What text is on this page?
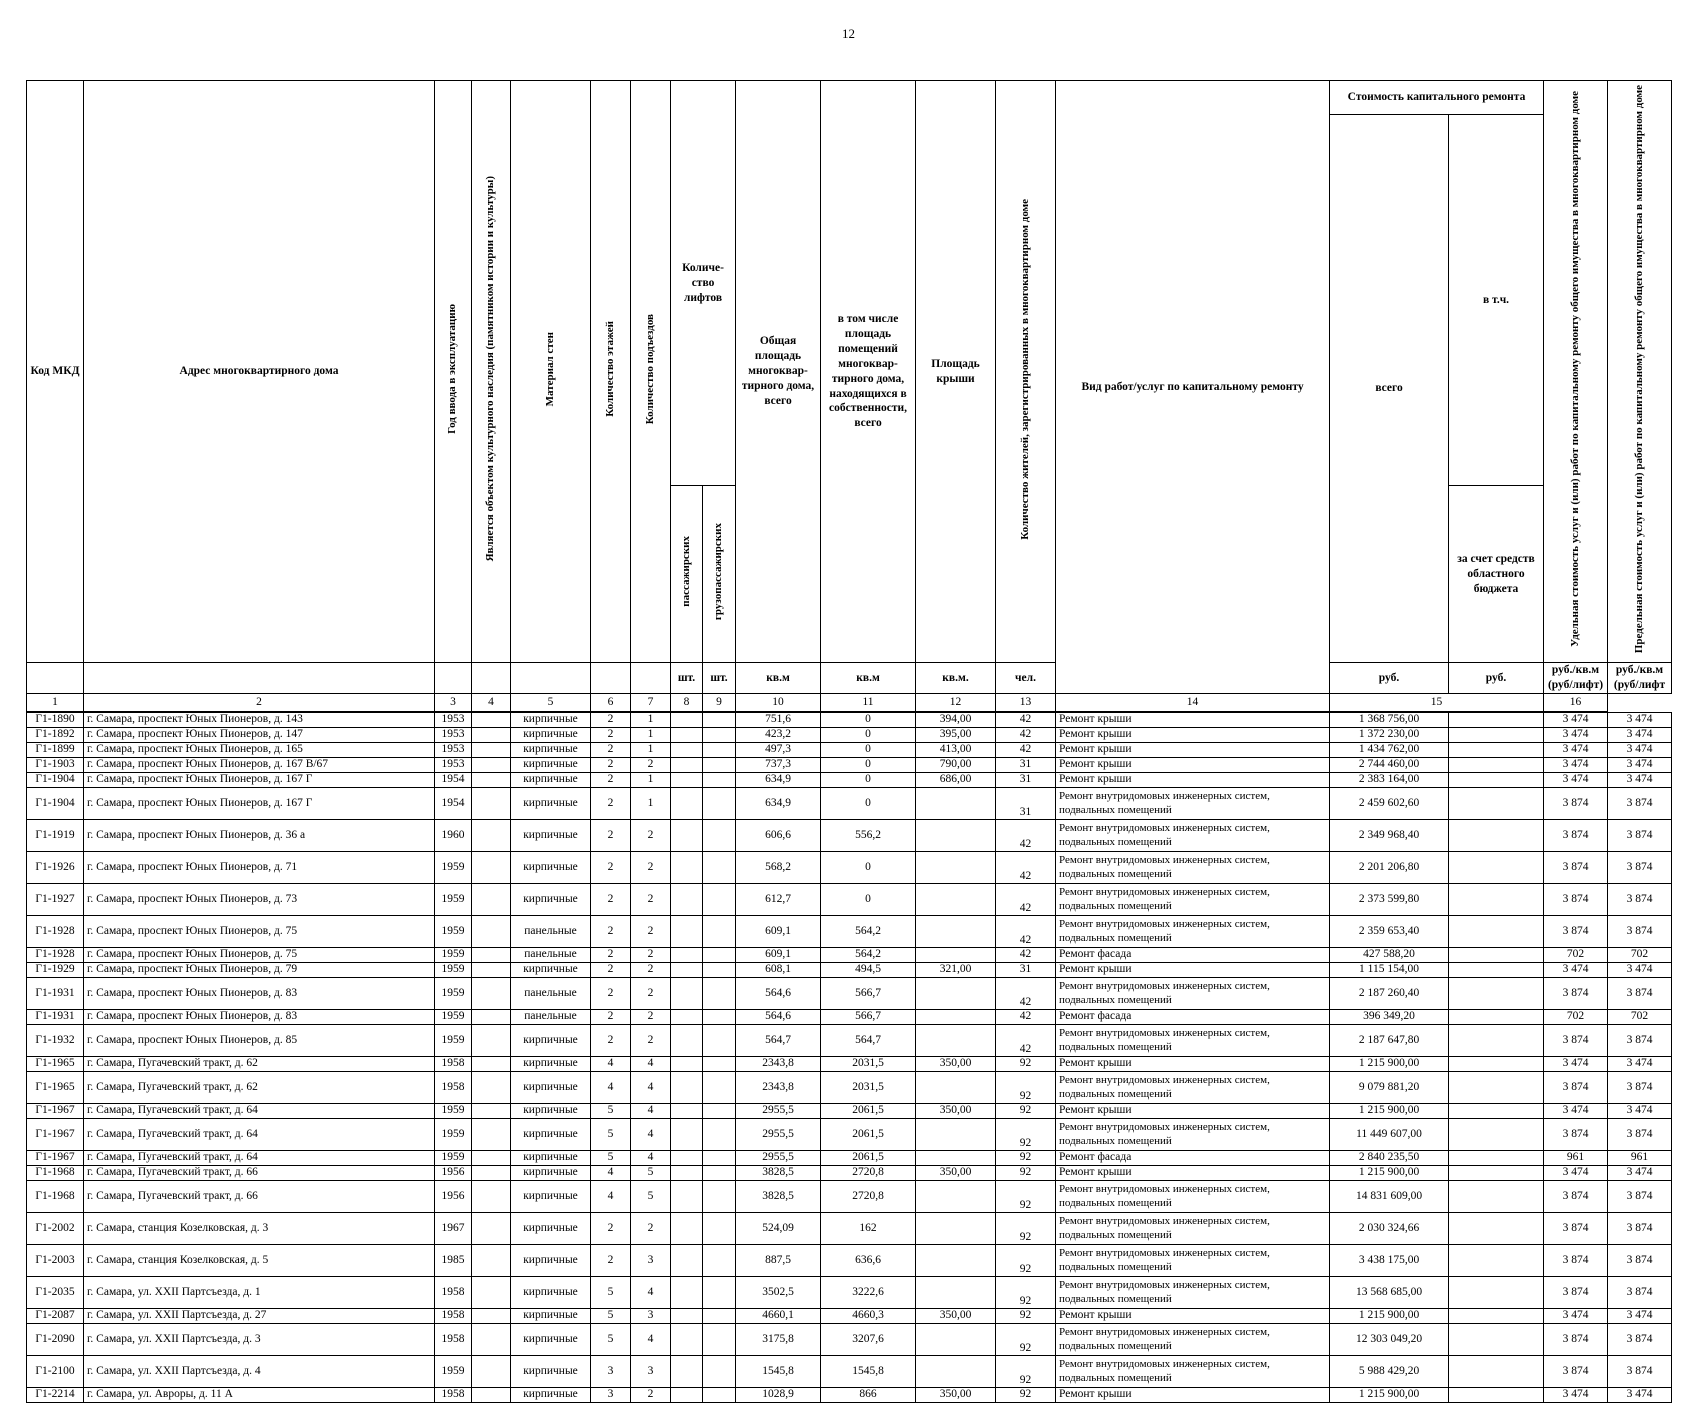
12
Код МКД	Адрес многоквартирного дома	Год ввода в эксплуатацию	Является объектом культурного наследия (памятником истории и культуры)	Материал стен	Количество этажей	Количество подъездов	Количе- ство лифтов		Общая площадь многоквар- тирного дома, всего	в том числе площадь помещений многоквар- тирного дома, находящихся в собственности, всего	Площадь крыши	Количество жителей, зарегистрированных в многоквартирном доме	Вид работ/услуг по капитальному ремонту	Стоимость капитального ремонта		Удельная стоимость услуг и (или) работ по капитальному ремонту общего имущества в многоквартирном доме	Предельная стоимость услуг и (или) работ по капитальному ремонту общего имущества в многоквартирном доме
														всего	в т.ч.		
							пассажирских	грузопассажирских							за счет средств областного бюджета		
							шт.	шт.	кв.м	кв.м	кв.м.	чел.		руб.	руб.	руб./кв.м (руб/лифт)	руб./кв.м (руб/лифт
1	2	3	4	5	6	7	8	9	10	11	12	13	14	15		16	
Г1-1890	г. Самара, проспект Юных Пионеров, д. 143	1953		кирпичные	2	1			751,6	0	394,00	42	Ремонт крыши	1 368 756,00		3 474	3 474
Г1-1892	г. Самара, проспект Юных Пионеров, д. 147	1953		кирпичные	2	1			423,2	0	395,00	42	Ремонт крыши	1 372 230,00		3 474	3 474
Г1-1899	г. Самара, проспект Юных Пионеров, д. 165	1953		кирпичные	2	1			497,3	0	413,00	42	Ремонт крыши	1 434 762,00		3 474	3 474
Г1-1903	г. Самара, проспект Юных Пионеров, д. 167 В/67	1953		кирпичные	2	2			737,3	0	790,00	31	Ремонт крыши	2 744 460,00		3 474	3 474
Г1-1904	г. Самара, проспект Юных Пионеров, д. 167 Г	1954		кирпичные	2	1			634,9	0	686,00	31	Ремонт крыши	2 383 164,00		3 474	3 474
Г1-1904	г. Самара, проспект Юных Пионеров, д. 167 Г	1954		кирпичные	2	1			634,9	0		31	Ремонт внутридомовых инженерных систем, подвальных помещений	2 459 602,60		3 874	3 874
Г1-1919	г. Самара, проспект Юных Пионеров, д. 36 а	1960		кирпичные	2	2			606,6	556,2		42	Ремонт внутридомовых инженерных систем, подвальных помещений	2 349 968,40		3 874	3 874
Г1-1926	г. Самара, проспект Юных Пионеров, д. 71	1959		кирпичные	2	2			568,2	0		42	Ремонт внутридомовых инженерных систем, подвальных помещений	2 201 206,80		3 874	3 874
Г1-1927	г. Самара, проспект Юных Пионеров, д. 73	1959		кирпичные	2	2			612,7	0		42	Ремонт внутридомовых инженерных систем, подвальных помещений	2 373 599,80		3 874	3 874
Г1-1928	г. Самара, проспект Юных Пионеров, д. 75	1959		панельные	2	2			609,1	564,2		42	Ремонт внутридомовых инженерных систем, подвальных помещений	2 359 653,40		3 874	3 874
Г1-1928	г. Самара, проспект Юных Пионеров, д. 75	1959		панельные	2	2			609,1	564,2		42	Ремонт фасада	427 588,20		702	702
Г1-1929	г. Самара, проспект Юных Пионеров, д. 79	1959		кирпичные	2	2			608,1	494,5	321,00	31	Ремонт крыши	1 115 154,00		3 474	3 474
Г1-1931	г. Самара, проспект Юных Пионеров, д. 83	1959		панельные	2	2			564,6	566,7		42	Ремонт внутридомовых инженерных систем, подвальных помещений	2 187 260,40		3 874	3 874
Г1-1931	г. Самара, проспект Юных Пионеров, д. 83	1959		панельные	2	2			564,6	566,7		42	Ремонт фасада	396 349,20		702	702
Г1-1932	г. Самара, проспект Юных Пионеров, д. 85	1959		кирпичные	2	2			564,7	564,7		42	Ремонт внутридомовых инженерных систем, подвальных помещений	2 187 647,80		3 874	3 874
Г1-1965	г. Самара, Пугачевский тракт, д. 62	1958		кирпичные	4	4			2343,8	2031,5	350,00	92	Ремонт крыши	1 215 900,00		3 474	3 474
Г1-1965	г. Самара, Пугачевский тракт, д. 62	1958		кирпичные	4	4			2343,8	2031,5		92	Ремонт внутридомовых инженерных систем, подвальных помещений	9 079 881,20		3 874	3 874
Г1-1967	г. Самара, Пугачевский тракт, д. 64	1959		кирпичные	5	4			2955,5	2061,5	350,00	92	Ремонт крыши	1 215 900,00		3 474	3 474
Г1-1967	г. Самара, Пугачевский тракт, д. 64	1959		кирпичные	5	4			2955,5	2061,5		92	Ремонт внутридомовых инженерных систем, подвальных помещений	11 449 607,00		3 874	3 874
Г1-1967	г. Самара, Пугачевский тракт, д. 64	1959		кирпичные	5	4			2955,5	2061,5		92	Ремонт фасада	2 840 235,50		961	961
Г1-1968	г. Самара, Пугачевский тракт, д. 66	1956		кирпичные	4	5			3828,5	2720,8	350,00	92	Ремонт крыши	1 215 900,00		3 474	3 474
Г1-1968	г. Самара, Пугачевский тракт, д. 66	1956		кирпичные	4	5			3828,5	2720,8		92	Ремонт внутридомовых инженерных систем, подвальных помещений	14 831 609,00		3 874	3 874
Г1-2002	г. Самара, станция Козелковская, д. 3	1967		кирпичные	2	2			524,09	162		92	Ремонт внутридомовых инженерных систем, подвальных помещений	2 030 324,66		3 874	3 874
Г1-2003	г. Самара, станция Козелковская, д. 5	1985		кирпичные	2	3			887,5	636,6		92	Ремонт внутридомовых инженерных систем, подвальных помещений	3 438 175,00		3 874	3 874
Г1-2035	г. Самара, ул. XXII Партсъезда, д. 1	1958		кирпичные	5	4			3502,5	3222,6		92	Ремонт внутридомовых инженерных систем, подвальных помещений	13 568 685,00		3 874	3 874
Г1-2087	г. Самара, ул. XXII Партсъезда, д. 27	1958		кирпичные	5	3			4660,1	4660,3	350,00	92	Ремонт крыши	1 215 900,00		3 474	3 474
Г1-2090	г. Самара, ул. XXII Партсъезда, д. 3	1958		кирпичные	5	4			3175,8	3207,6		92	Ремонт внутридомовых инженерных систем, подвальных помещений	12 303 049,20		3 874	3 874
Г1-2100	г. Самара, ул. XXII Партсъезда, д. 4	1959		кирпичные	3	3			1545,8	1545,8		92	Ремонт внутридомовых инженерных систем, подвальных помещений	5 988 429,20		3 874	3 874
Г1-2214	г. Самара, ул. Авроры, д. 11 А	1958		кирпичные	3	2			1028,9	866	350,00	92	Ремонт крыши	1 215 900,00		3 474	3 474
